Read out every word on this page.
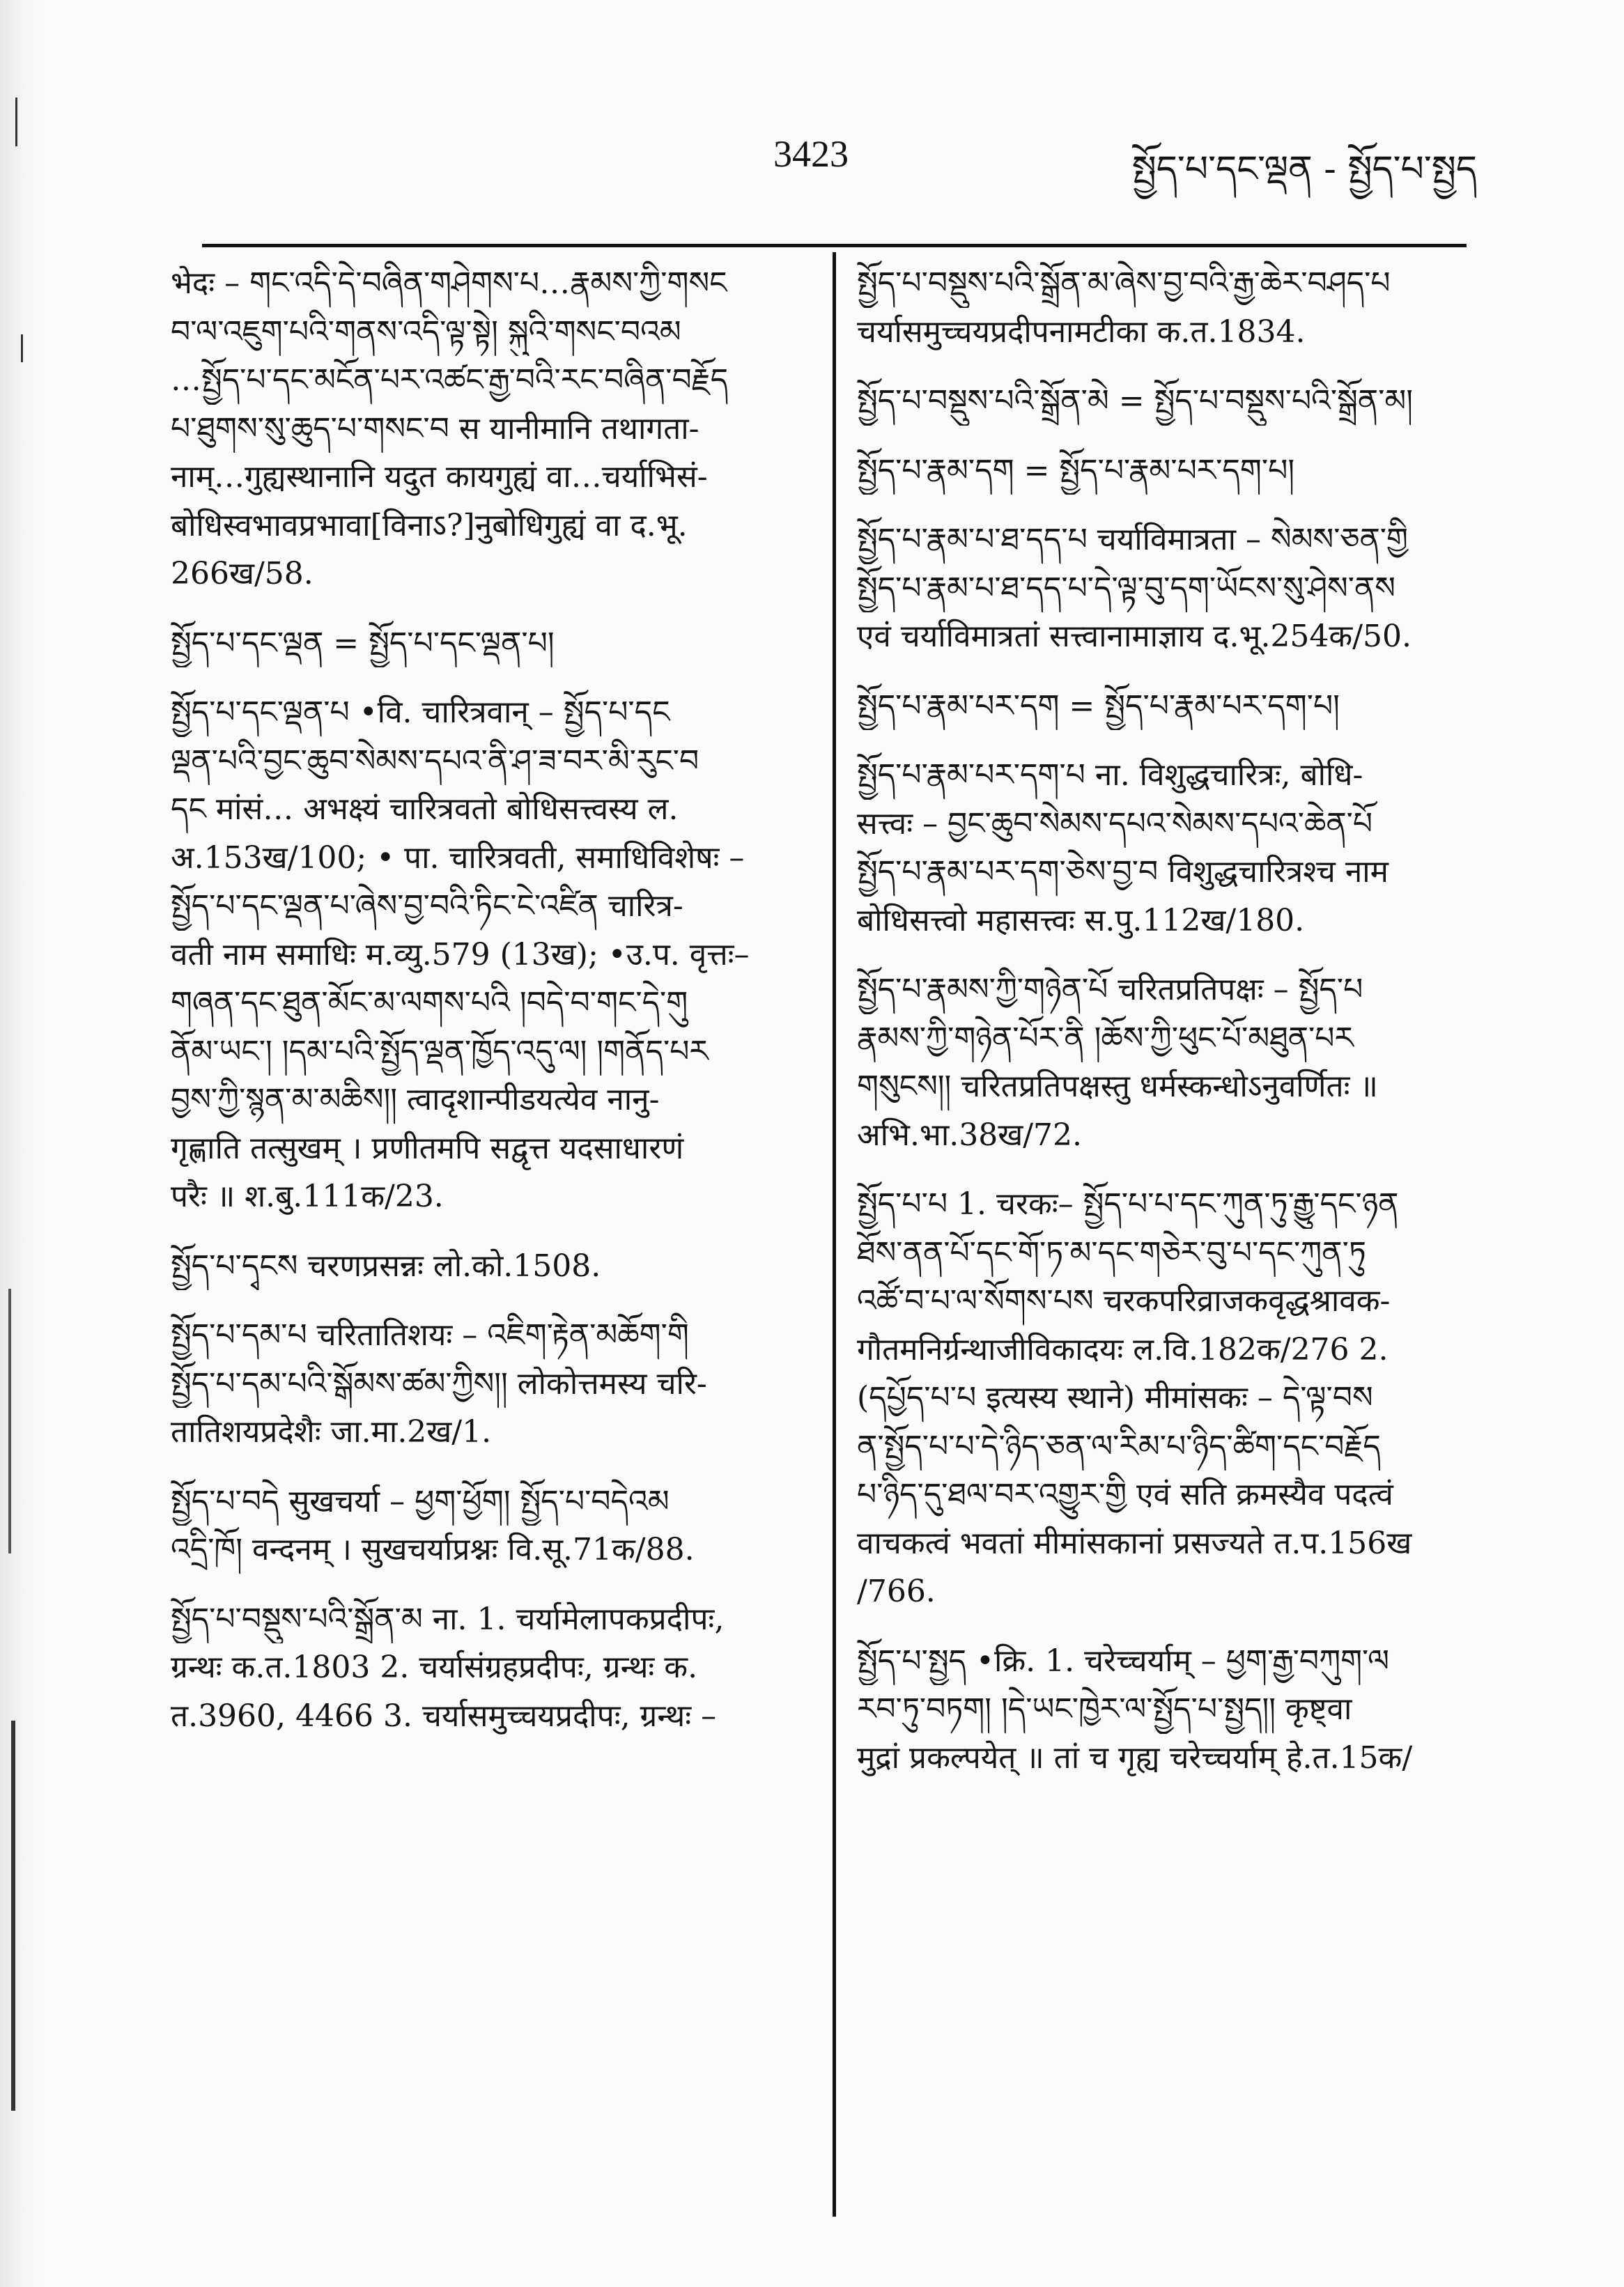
3423	སྤྱོད་པ་དང་ལྡན - སྤྱོད་པ་སྤྱད
भेदः – གང་འདི་དེ་བཞིན་གཤེགས་པ…རྣམས་ཀྱི་གསང
བ་ལ་འཇུག་པའི་གནས་འདི་ལྟ་སྟེ། སྐུའི་གསང་བའམ
…སྤྱོད་པ་དང་མངོན་པར་འཚང་རྒྱ་བའི་རང་བཞིན་བརྗོད
པ་ཐུགས་སུ་ཆུད་པ་གསང་བ स यानीमानि तथागता-
नाम्…गुह्यस्थानानि यदुत कायगुह्यं वा…चर्याभिसं-
बोधिस्वभावप्रभावा[विनाऽ?]नुबोधिगुह्यं वा द.भू.
266ख/58.
སྤྱོད་པ་དང་ལྡན = སྤྱོད་པ་དང་ལྡན་པ།
སྤྱོད་པ་དང་ལྡན་པ •वि. चारित्रवान् – སྤྱོད་པ་དང
ལྡན་པའི་བྱང་ཆུབ་སེམས་དཔའ་ནི་ཤ་ཟ་བར་མི་རུང་བ
དང मांसं… अभक्ष्यं चारित्रवतो बोधिसत्त्वस्य ल.
अ.153ख/100; • पा. चारित्रवती, समाधिविशेषः –
སྤྱོད་པ་དང་ལྡན་པ་ཞེས་བྱ་བའི་ཏིང་ངེ་འཛིན चारित्र-
वती नाम समाधिः म.व्यु.579 (13ख); •उ.प. वृत्तः–
གཞན་དང་ཐུན་མོང་མ་ལགས་པའི །བདེ་བ་གང་དེ་གུ
ནོམ་ཡང་། །དམ་པའི་སྤྱོད་ལྡན་ཁྱོད་འདུ་ལ། །གནོད་པར
བྱས་ཀྱི་སྙན་མ་མཆིས།། त्वादृशान्पीडयत्येव नानु-
गृह्णाति तत्सुखम् । प्रणीतमपि सद्वृत्त यदसाधारणं
परैः ॥ श.बु.111क/23.
སྤྱོད་པ་དྭངས चरणप्रसन्नः लो.को.1508.
སྤྱོད་པ་དམ་པ चरितातिशयः – འཇིག་རྟེན་མཆོག་གི
སྤྱོད་པ་དམ་པའི་སྒོམས་ཚམ་ཀྱིས།། लोकोत्तमस्य चरि-
तातिशयप्रदेशैः जा.मा.2ख/1.
སྤྱོད་པ་བདེ सुखचर्या – ཕྱག་ཕྱོག། སྤྱོད་པ་བདེའམ
འདྲི་ཁོ། वन्दनम् । सुखचर्याप्रश्नः वि.सू.71क/88.
སྤྱོད་པ་བསྡུས་པའི་སྒྲོན་མ ना. 1. चर्यामेलापकप्रदीपः,
ग्रन्थः क.त.1803 2. चर्यासंग्रहप्रदीपः, ग्रन्थः क.
त.3960, 4466 3. चर्यासमुच्चयप्रदीपः, ग्रन्थः –
སྤྱོད་པ་བསྡུས་པའི་སྒྲོན་མ་ཞེས་བྱ་བའི་རྒྱ་ཆེར་བཤད་པ
चर्यासमुच्चयप्रदीपनामटीका क.त.1834.
སྤྱོད་པ་བསྡུས་པའི་སྒྲོན་མེ = སྤྱོད་པ་བསྡུས་པའི་སྒྲོན་མ།
སྤྱོད་པ་རྣམ་དག = སྤྱོད་པ་རྣམ་པར་དག་པ།
སྤྱོད་པ་རྣམ་པ་ཐ་དད་པ चर्याविमात्रता – སེམས་ཅན་གྱི
སྤྱོད་པ་རྣམ་པ་ཐ་དད་པ་དེ་ལྟ་བུ་དག་ཡོངས་སུ་ཤེས་ནས
एवं चर्याविमात्रतां सत्त्वानामाज्ञाय द.भू.254क/50.
སྤྱོད་པ་རྣམ་པར་དག = སྤྱོད་པ་རྣམ་པར་དག་པ།
སྤྱོད་པ་རྣམ་པར་དག་པ ना. विशुद्धचारित्रः, बोधि-
सत्त्वः – བྱང་ཆུབ་སེམས་དཔའ་སེམས་དཔའ་ཆེན་པོ
སྤྱོད་པ་རྣམ་པར་དག་ཅེས་བྱ་བ विशुद्धचारित्रश्च नाम
बोधिसत्त्वो महासत्त्वः स.पु.112ख/180.
སྤྱོད་པ་རྣམས་ཀྱི་གཉེན་པོ चरितप्रतिपक्षः – སྤྱོད་པ
རྣམས་ཀྱི་གཉེན་པོར་ནི །ཆོས་ཀྱི་ཕུང་པོ་མཐུན་པར
གསུངས།། चरितप्रतिपक्षस्तु धर्मस्कन्धोऽनुवर्णितः ॥
अभि.भा.38ख/72.
སྤྱོད་པ་པ 1. चरकः– སྤྱོད་པ་པ་དང་ཀུན་ཏུ་རྒྱུ་དང་ཉན
ཐོས་ནན་པོ་དང་གོ་ཏ་མ་དང་གཅེར་བུ་པ་དང་ཀུན་ཏུ
འཚོ་བ་པ་ལ་སོགས་པས चरकपरिव्राजकवृद्धश्रावक-
गौतमनिर्ग्रन्थाजीविकादयः ल.वि.182क/276 2.
(དཔྱོད་པ་པ इत्यस्य स्थाने) मीमांसकः – དེ་ལྟ་བས
ན་སྤྱོད་པ་པ་དེ་ཉིད་ཅན་ལ་རིམ་པ་ཉིད་ཚིག་དང་བརྗོད
པ་ཉིད་དུ་ཐལ་བར་འགྱུར་གྱི एवं सति क्रमस्यैव पदत्वं
वाचकत्वं भवतां मीमांसकानां प्रसज्यते त.प.156ख
/766.
སྤྱོད་པ་སྤྱད •क्रि. 1. चरेच्चर्याम् – ཕྱག་རྒྱ་བཀུག་ལ
རབ་ཏུ་བཏག། །དེ་ཡང་ཁྱེར་ལ་སྤྱོད་པ་སྤྱད།། कृष्ट्वा
मुद्रां प्रकल्पयेत् ॥ तां च गृह्य चरेच्चर्याम् हे.त.15क/
